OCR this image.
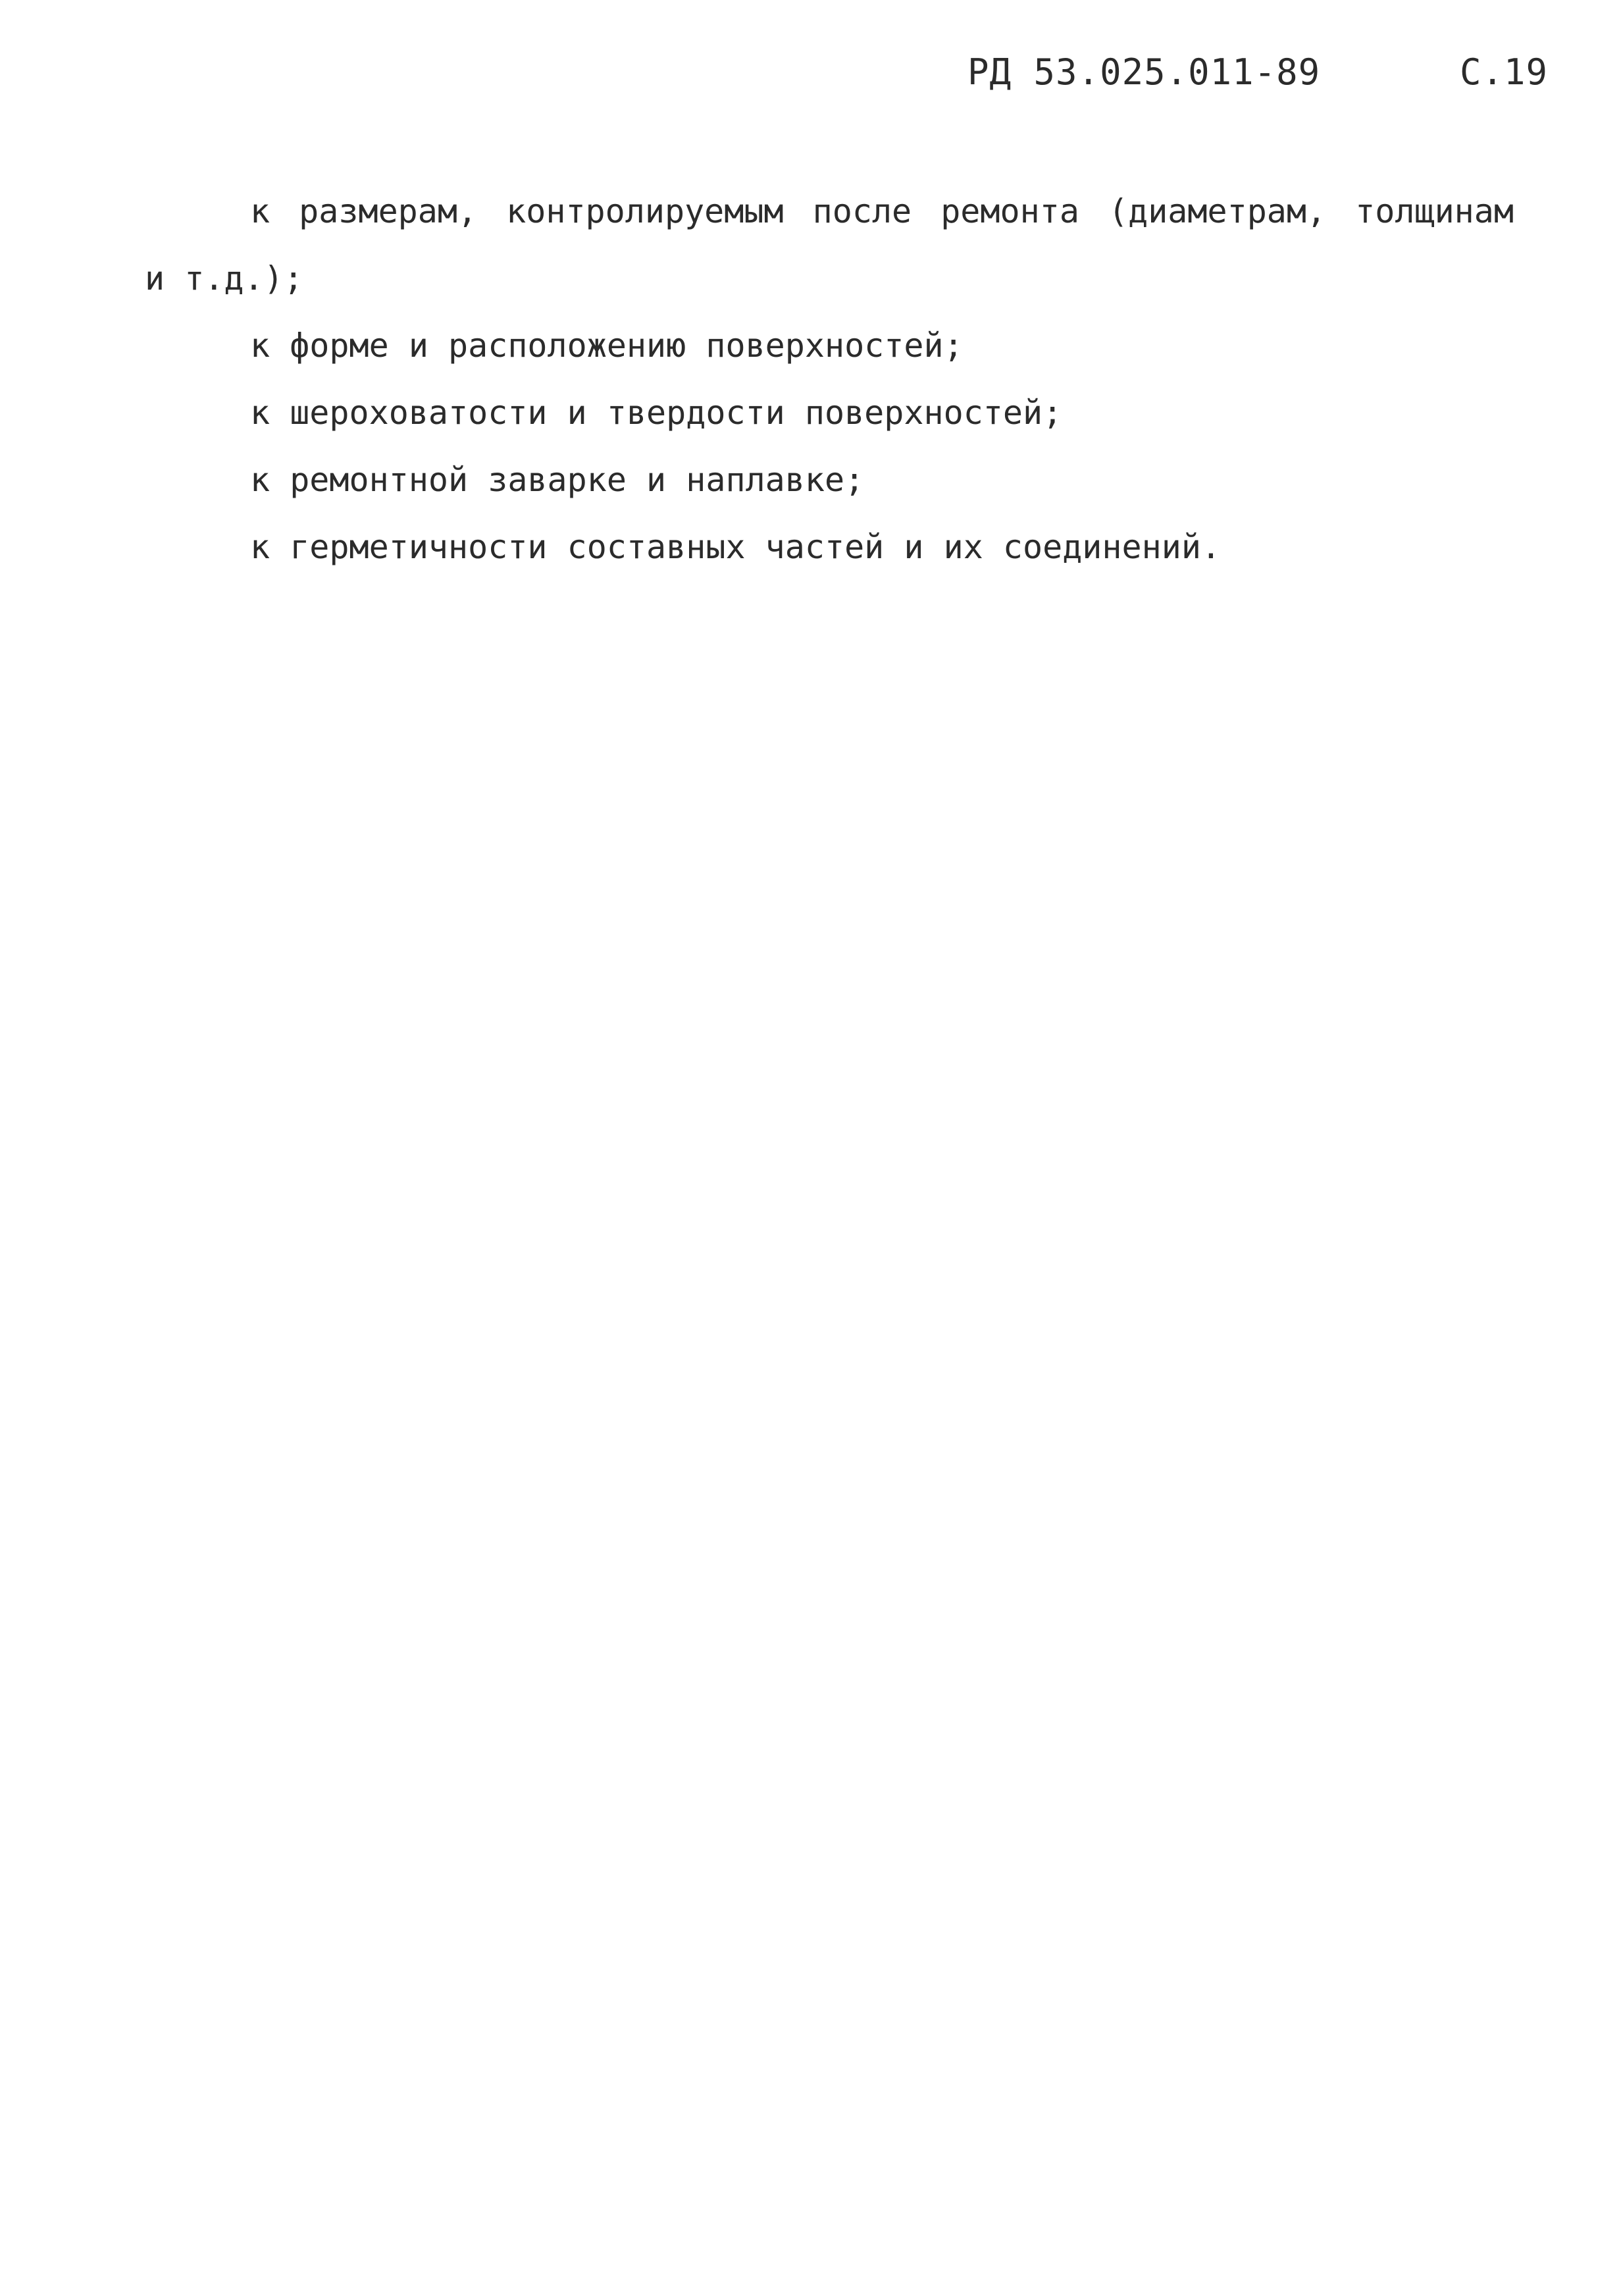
РД 53.025.011-89	С.19
к размерам, контролируемым после ремонта (диаметрам, толщинам
и т.д.);
к форме и расположению поверхностей;
к шероховатости и твердости поверхностей;
к ремонтной заварке и наплавке;
к герметичности составных частей и их соединений.
